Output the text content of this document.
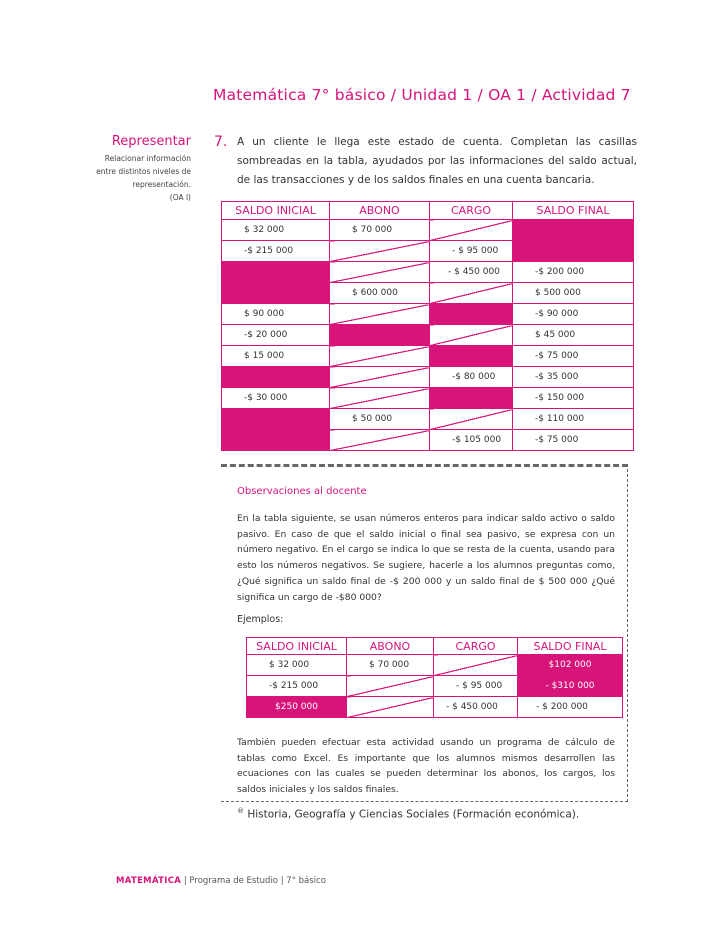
Matemática 7° básico / Unidad 1 / OA 1 / Actividad 7
Representar
Relacionar información
entre distintos niveles de
representación.
(OA l)
7. A un cliente le llega este estado de cuenta. Completan las casillas sombreadas en la tabla, ayudados por las informaciones del saldo actual, de las transacciones y de los saldos finales en una cuenta bancaria.
SALDO INICIAL	ABONO	CARGO	SALDO FINAL
$ 32 000	$ 70 000		
-$ 215 000		- $ 95 000	
		- $ 450 000	-$ 200 000
	$ 600 000		$ 500 000
$ 90 000			-$ 90 000
-$ 20 000			$ 45 000
$ 15 000			-$ 75 000
		-$ 80 000	-$ 35 000
-$ 30 000			-$ 150 000
	$ 50 000		-$ 110 000
		-$ 105 000	-$ 75 000
Observaciones al docente
En la tabla siguiente, se usan números enteros para indicar saldo activo o saldo pasivo. En caso de que el saldo inicial o final sea pasivo, se expresa con un número negativo. En el cargo se indica lo que se resta de la cuenta, usando para esto los números negativos. Se sugiere, hacerle a los alumnos preguntas como, ¿Qué significa un saldo final de -$ 200 000 y un saldo final de $ 500 000 ¿Qué significa un cargo de -$80 000?
Ejemplos:
SALDO INICIAL	ABONO	CARGO	SALDO FINAL
$ 32 000	$ 70 000		$102 000
-$ 215 000		- $ 95 000	- $310 000
$250 000		- $ 450 000	- $ 200 000
También pueden efectuar esta actividad usando un programa de cálculo de tablas como Excel. Es importante que los alumnos mismos desarrollen las ecuaciones con las cuales se pueden determinar los abonos, los cargos, los saldos iniciales y los saldos finales.
® Historia, Geografía y Ciencias Sociales (Formación económica).
MATEMÁTICA | Programa de Estudio | 7° básico
